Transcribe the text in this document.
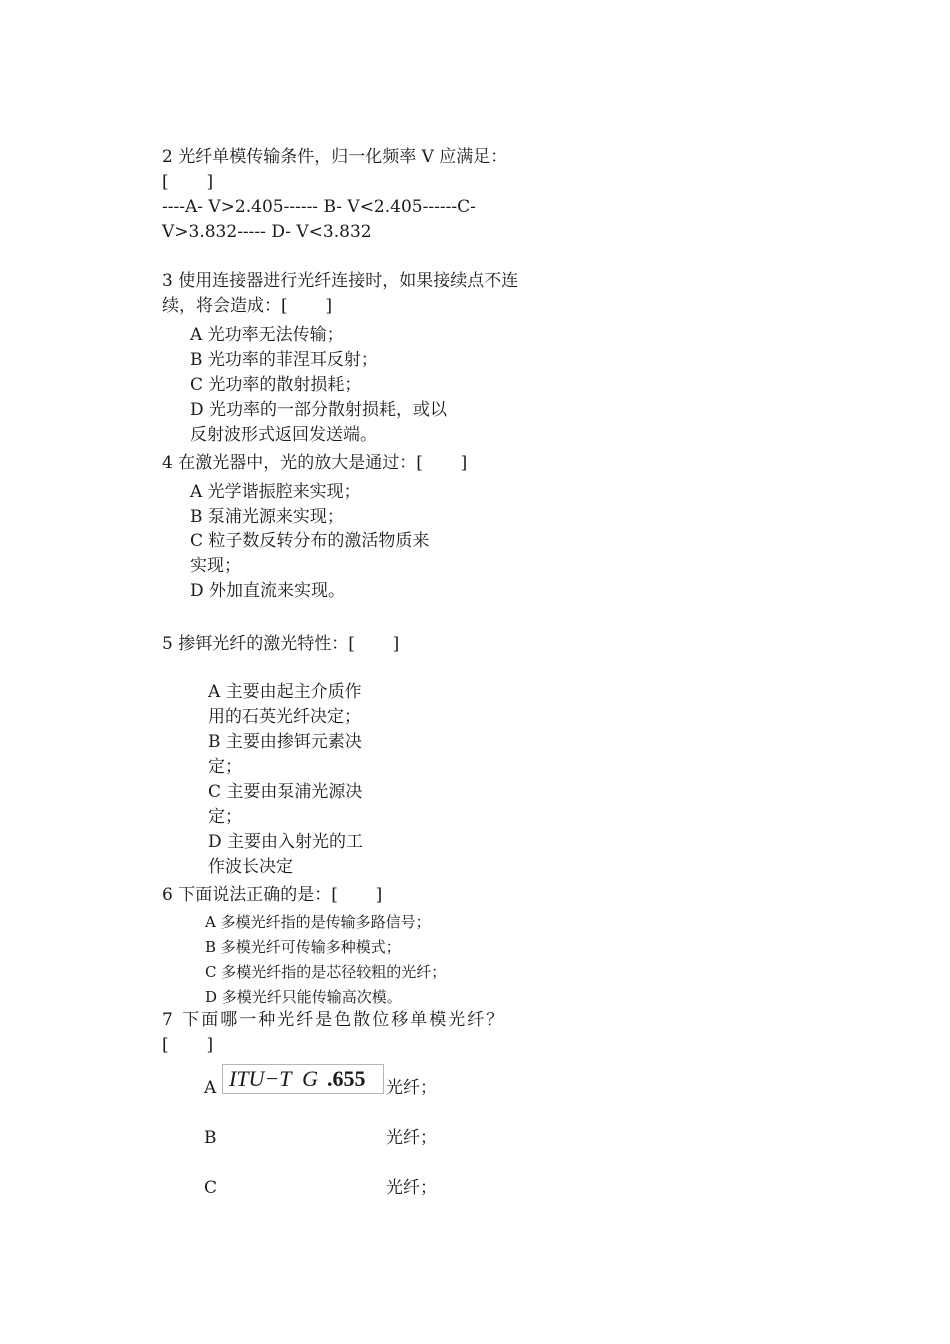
2 光纤单模传输条件，归一化频率 V 应满足：
[       ]
----A- V>2.405------ B- V<2.405------C-
V>3.832----- D- V<3.832
3 使用连接器进行光纤连接时，如果接续点不连
续，将会造成：[       ]
A 光功率无法传输；
B 光功率的菲涅耳反射；
C 光功率的散射损耗；
D 光功率的一部分散射损耗，或以
反射波形式返回发送端。
4 在激光器中，光的放大是通过：[       ]
A 光学谐振腔来实现；
B 泵浦光源来实现；
C 粒子数反转分布的激活物质来
实现；
D 外加直流来实现。
5 掺铒光纤的激光特性：[       ]
A 主要由起主介质作
用的石英光纤决定；
B 主要由掺铒元素决
定；
C 主要由泵浦光源决
定；
D 主要由入射光的工
作波长决定
6 下面说法正确的是：[       ]
A 多模光纤指的是传输多路信号；
B 多模光纤可传输多种模式；
C 多模光纤指的是芯径较粗的光纤；
D 多模光纤只能传输高次模。
7 下面哪一种光纤是色散位移单模光纤？
[       ]
A ITU−T  G .655 光纤；
B	光纤；
C	光纤；
